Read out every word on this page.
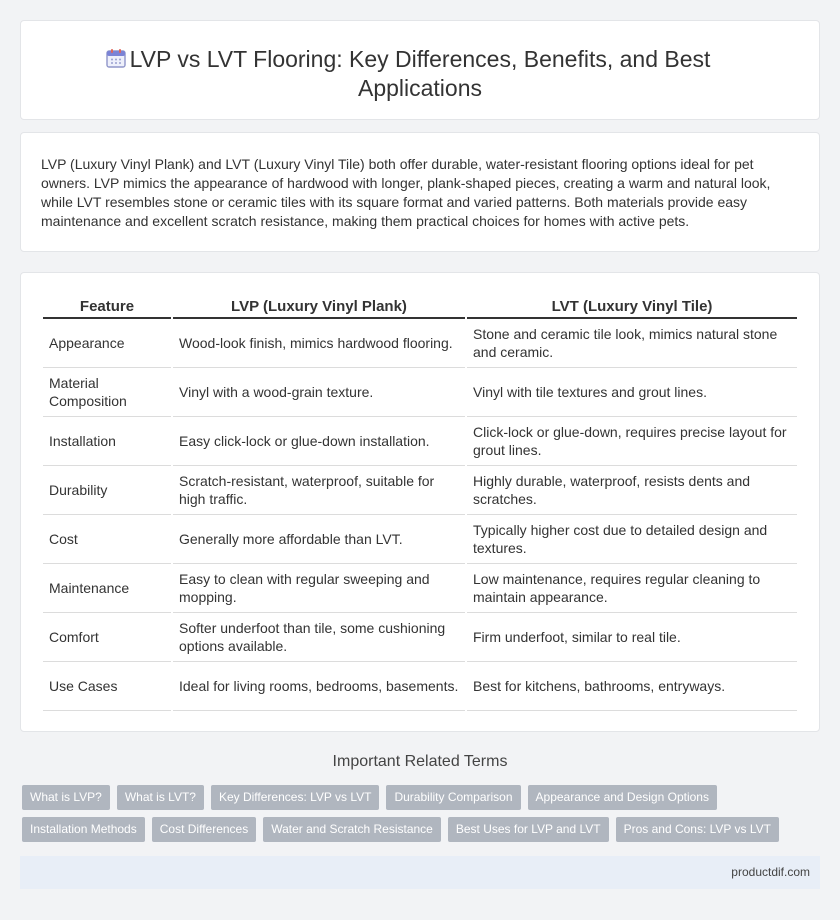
LVP vs LVT Flooring: Key Differences, Benefits, and Best Applications

LVP (Luxury Vinyl Plank) and LVT (Luxury Vinyl Tile) both offer durable, water-resistant flooring options ideal for pet owners. LVP mimics the appearance of hardwood with longer, plank-shaped pieces, creating a warm and natural look, while LVT resembles stone or ceramic tiles with its square format and varied patterns. Both materials provide easy maintenance and excellent scratch resistance, making them practical choices for homes with active pets.

Feature	LVP (Luxury Vinyl Plank)	LVT (Luxury Vinyl Tile)
Appearance	Wood-look finish, mimics hardwood flooring.	Stone and ceramic tile look, mimics natural stone and ceramic.
Material Composition	Vinyl with a wood-grain texture.	Vinyl with tile textures and grout lines.
Installation	Easy click-lock or glue-down installation.	Click-lock or glue-down, requires precise layout for grout lines.
Durability	Scratch-resistant, waterproof, suitable for high traffic.	Highly durable, waterproof, resists dents and scratches.
Cost	Generally more affordable than LVT.	Typically higher cost due to detailed design and textures.
Maintenance	Easy to clean with regular sweeping and mopping.	Low maintenance, requires regular cleaning to maintain appearance.
Comfort	Softer underfoot than tile, some cushioning options available.	Firm underfoot, similar to real tile.
Use Cases	Ideal for living rooms, bedrooms, basements.	Best for kitchens, bathrooms, entryways.
Important Related Terms
What is LVP?	What is LVT?	Key Differences: LVP vs LVT	Durability Comparison	Appearance and Design Options
Installation Methods	Cost Differences	Water and Scratch Resistance	Best Uses for LVP and LVT	Pros and Cons: LVP vs LVT
productdif.com
